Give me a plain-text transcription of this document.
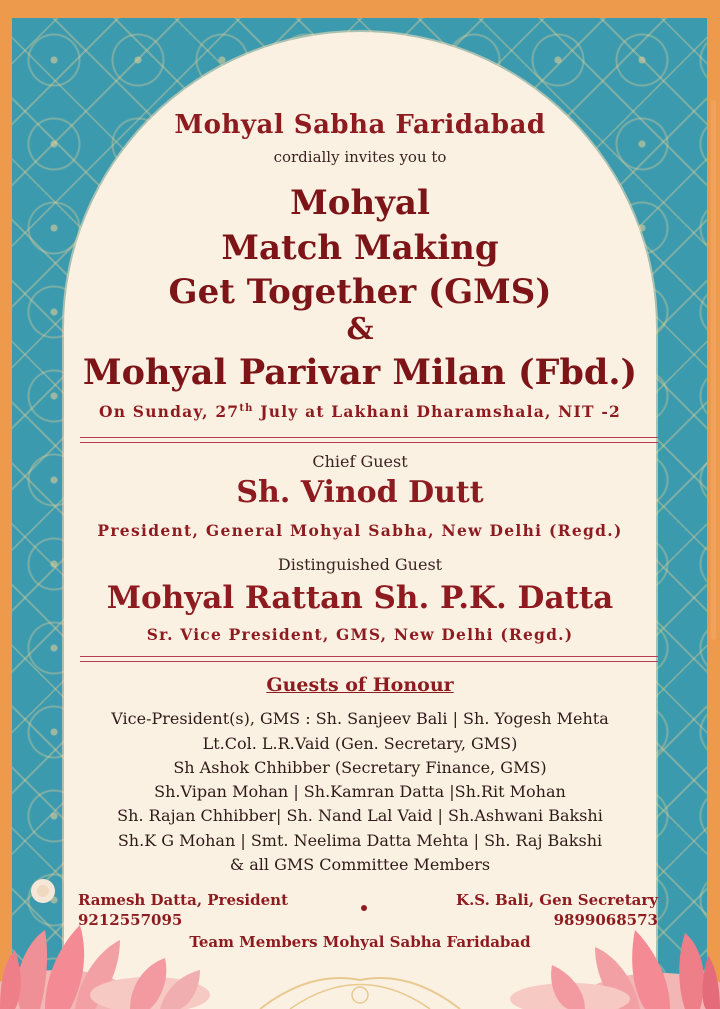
Mohyal Sabha Faridabad
cordially invites you to
Mohyal
Match Making
Get Together (GMS)
&
Mohyal Parivar Milan (Fbd.)
On Sunday, 27th July at Lakhani Dharamshala, NIT -2
Chief Guest
Sh. Vinod Dutt
President, General Mohyal Sabha, New Delhi (Regd.)
Distinguished Guest
Mohyal Rattan Sh. P.K. Datta
Sr. Vice President, GMS, New Delhi (Regd.)
Guests of Honour
Vice-President(s), GMS : Sh. Sanjeev Bali | Sh. Yogesh Mehta
Lt.Col. L.R.Vaid (Gen. Secretary, GMS)
Sh Ashok Chhibber (Secretary Finance, GMS)
Sh.Vipan Mohan | Sh.Kamran Datta |Sh.Rit Mohan
Sh. Rajan Chhibber| Sh. Nand Lal Vaid | Sh.Ashwani Bakshi
Sh.K G Mohan | Smt. Neelima Datta Mehta | Sh. Raj Bakshi
& all GMS Committee Members
Ramesh Datta, President
9212557095
K.S. Bali, Gen Secretary
9899068573
Team Members Mohyal Sabha Faridabad
